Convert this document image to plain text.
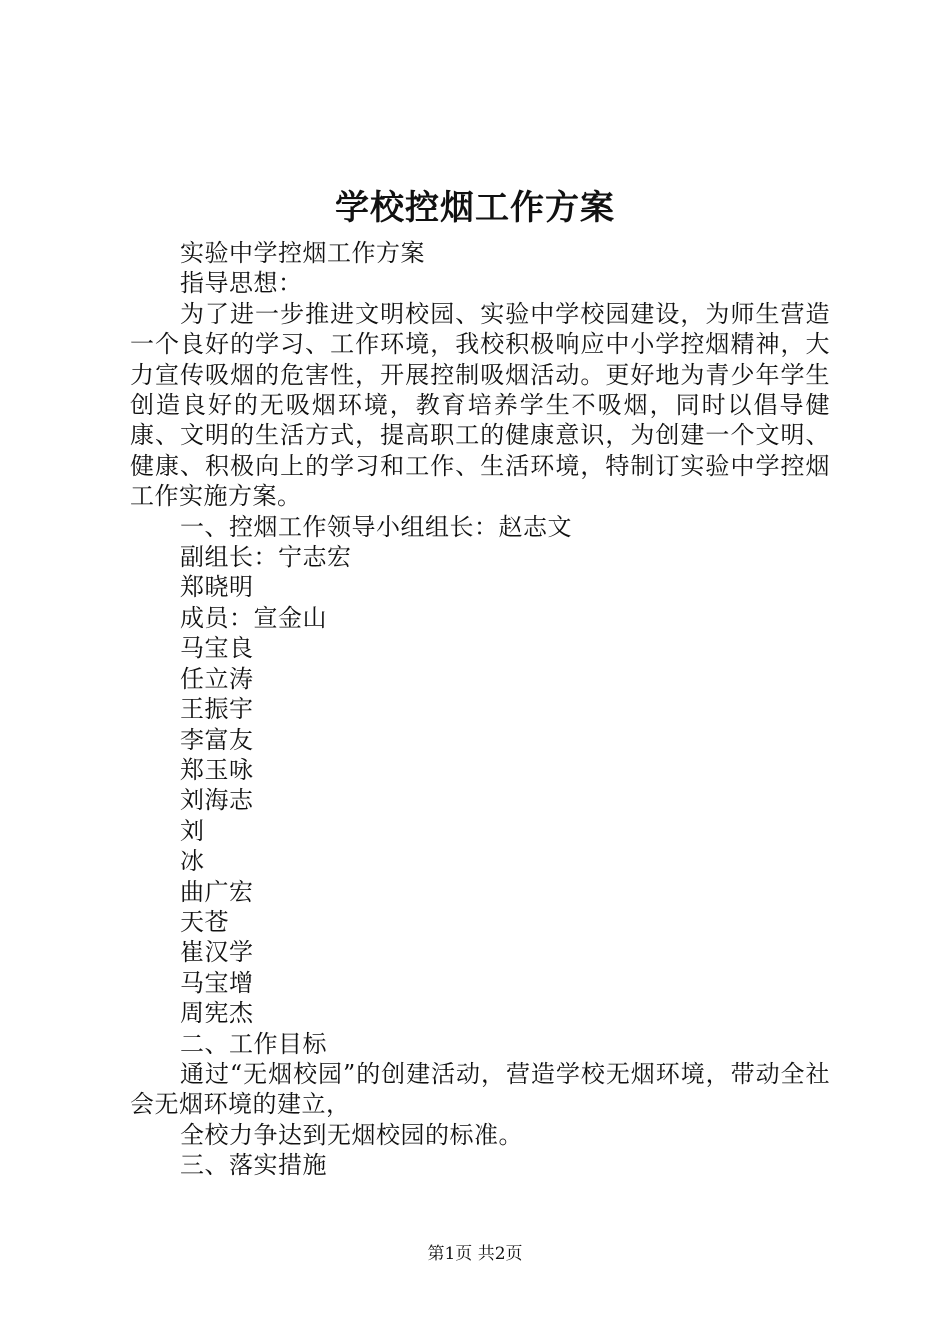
学校控烟工作方案

实验中学控烟工作方案

指导思想：

为了进一步推进文明校园、实验中学校园建设，为师生营造一个良好的学习、工作环境，我校积极响应中小学控烟精神，大力宣传吸烟的危害性，开展控制吸烟活动。更好地为青少年学生创造良好的无吸烟环境，教育培养学生不吸烟，同时以倡导健康、文明的生活方式，提高职工的健康意识，为创建一个文明、健康、积极向上的学习和工作、生活环境，特制订实验中学控烟工作实施方案。

一、控烟工作领导小组组长：赵志文

副组长：宁志宏

郑晓明

成员：宣金山

马宝良

任立涛

王振宇

李富友

郑玉咏

刘海志

刘

冰

曲广宏

天苍

崔汉学

马宝增

周宪杰

二、工作目标

通过“无烟校园”的创建活动，营造学校无烟环境，带动全社会无烟环境的建立，

全校力争达到无烟校园的标准。

三、落实措施

第1页 共2页
